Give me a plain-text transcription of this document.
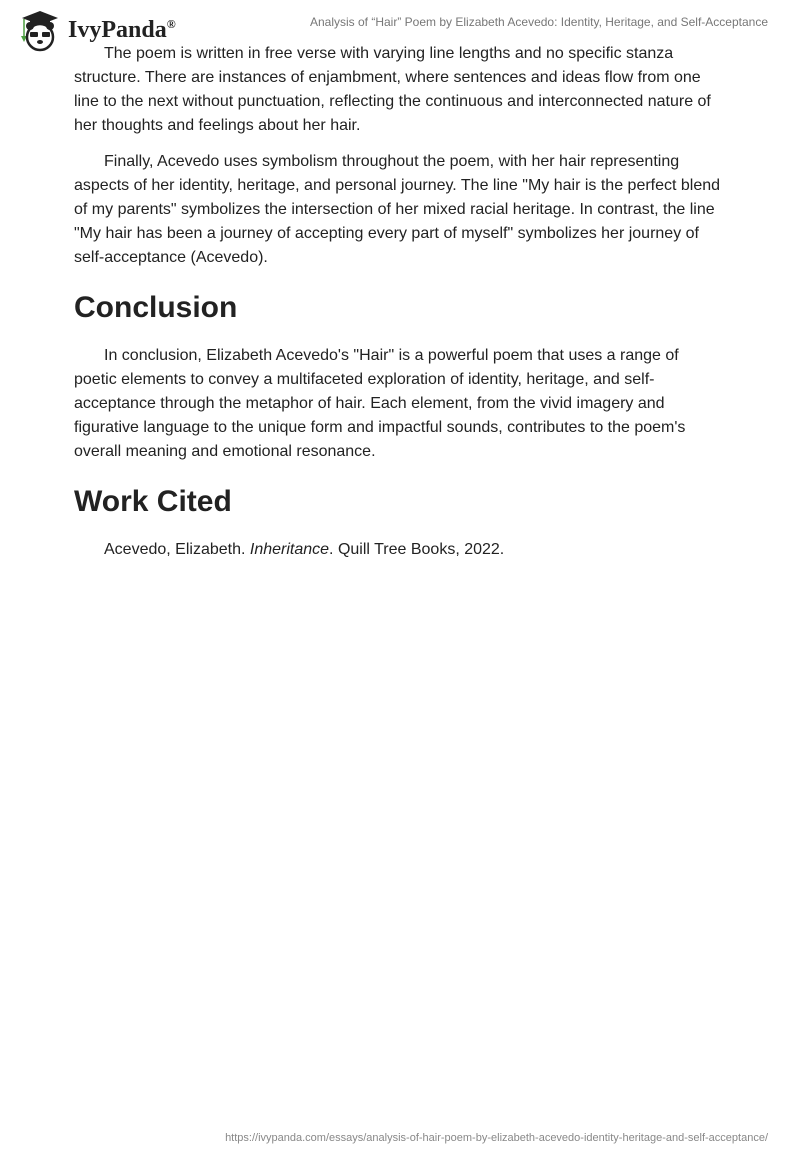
IvyPanda®	Analysis of “Hair” Poem by Elizabeth Acevedo: Identity, Heritage, and Self-Acceptance

The poem is written in free verse with varying line lengths and no specific stanza structure. There are instances of enjambment, where sentences and ideas flow from one line to the next without punctuation, reflecting the continuous and interconnected nature of her thoughts and feelings about her hair.

Finally, Acevedo uses symbolism throughout the poem, with her hair representing aspects of her identity, heritage, and personal journey. The line "My hair is the perfect blend of my parents" symbolizes the intersection of her mixed racial heritage. In contrast, the line "My hair has been a journey of accepting every part of myself" symbolizes her journey of self-acceptance (Acevedo).

Conclusion

In conclusion, Elizabeth Acevedo's "Hair" is a powerful poem that uses a range of poetic elements to convey a multifaceted exploration of identity, heritage, and self-acceptance through the metaphor of hair. Each element, from the vivid imagery and figurative language to the unique form and impactful sounds, contributes to the poem's overall meaning and emotional resonance.

Work Cited

Acevedo, Elizabeth. Inheritance. Quill Tree Books, 2022.

https://ivypanda.com/essays/analysis-of-hair-poem-by-elizabeth-acevedo-identity-heritage-and-self-acceptance/
